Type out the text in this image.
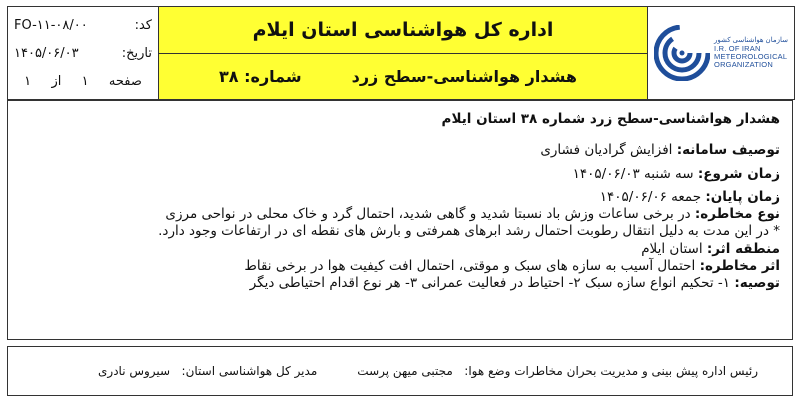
سازمان هواشناسی کشور
I.R. OF IRAN
METEOROLOGICAL
ORGANIZATION
اداره کل هواشناسی استان ایلام
هشدار هواشناسی-سطح زرد
شماره: ۳۸
کد:
FO-۱۱-۰۸/۰۰
تاریخ:
۱۴۰۵/۰۶/۰۳
صفحه
۱
از
۱
هشدار هواشناسی-سطح زرد شماره ۳۸ استان ایلام

توصیف سامانه: افزایش گرادیان فشاری

زمان شروع: سه شنبه ۱۴۰۵/۰۶/۰۳

زمان پایان: جمعه ۱۴۰۵/۰۶/۰۶

نوع مخاطره: در برخی ساعات وزش باد نسبتا شدید و گاهی شدید، احتمال گرد و خاک محلی در نواحی مرزی

* در این مدت به دلیل انتقال رطوبت احتمال رشد ابرهای همرفتی و بارش های نقطه ای در ارتفاعات وجود دارد.

منطقه اثر: استان ایلام

اثر مخاطره: احتمال آسیب به سازه های سبک و موقتی، احتمال افت کیفیت هوا در برخی نقاط

توصیه: ۱- تحکیم انواع سازه سبک ۲- احتیاط در فعالیت عمرانی ۳- هر نوع اقدام احتیاطی دیگر

رئیس اداره پیش بینی و مدیریت بحران مخاطرات وضع هوا:   مجتبی میهن پرست
مدیر کل هواشناسی استان:   سیروس نادری
